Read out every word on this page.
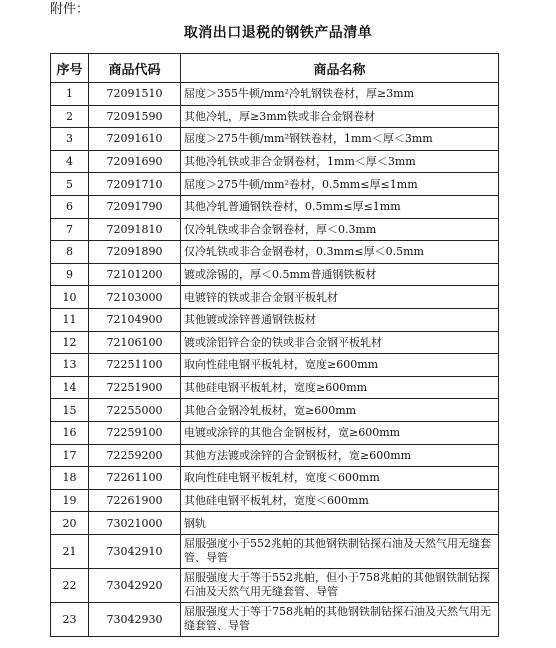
附件：
取消出口退税的钢铁产品清单
序号	商品代码	商品名称
1	72091510	屈度＞355牛顿/mm²冷轧钢铁卷材，厚≥3mm
2	72091590	其他冷轧，厚≥3mm铁或非合金钢卷材
3	72091610	屈度＞275牛顿/mm²钢铁卷材，1mm＜厚＜3mm
4	72091690	其他冷轧铁或非合金钢卷材，1mm＜厚＜3mm
5	72091710	屈度＞275牛顿/mm²卷材，0.5mm≤厚≤1mm
6	72091790	其他冷轧普通钢铁卷材，0.5mm≤厚≤1mm
7	72091810	仅冷轧铁或非合金钢卷材，厚＜0.3mm
8	72091890	仅冷轧铁或非合金钢卷材，0.3mm≤厚＜0.5mm
9	72101200	镀或涂锡的，厚＜0.5mm普通钢铁板材
10	72103000	电镀锌的铁或非合金钢平板轧材
11	72104900	其他镀或涂锌普通钢铁板材
12	72106100	镀或涂铝锌合金的铁或非合金钢平板轧材
13	72251100	取向性硅电钢平板轧材，宽度≥600mm
14	72251900	其他硅电钢平板轧材，宽度≥600mm
15	72255000	其他合金钢冷轧板材，宽≥600mm
16	72259100	电镀或涂锌的其他合金钢板材，宽≥600mm
17	72259200	其他方法镀或涂锌的合金钢板材，宽≥600mm
18	72261100	取向性硅电钢平板轧材，宽度＜600mm
19	72261900	其他硅电钢平板轧材，宽度＜600mm
20	73021000	钢轨
21	73042910	屈服强度小于552兆帕的其他钢铁制钻探石油及天然气用无缝套管、导管
22	73042920	屈服强度大于等于552兆帕，但小于758兆帕的其他钢铁制钻探石油及天然气用无缝套管、导管
23	73042930	屈服强度大于等于758兆帕的其他钢铁制钻探石油及天然气用无缝套管、导管
